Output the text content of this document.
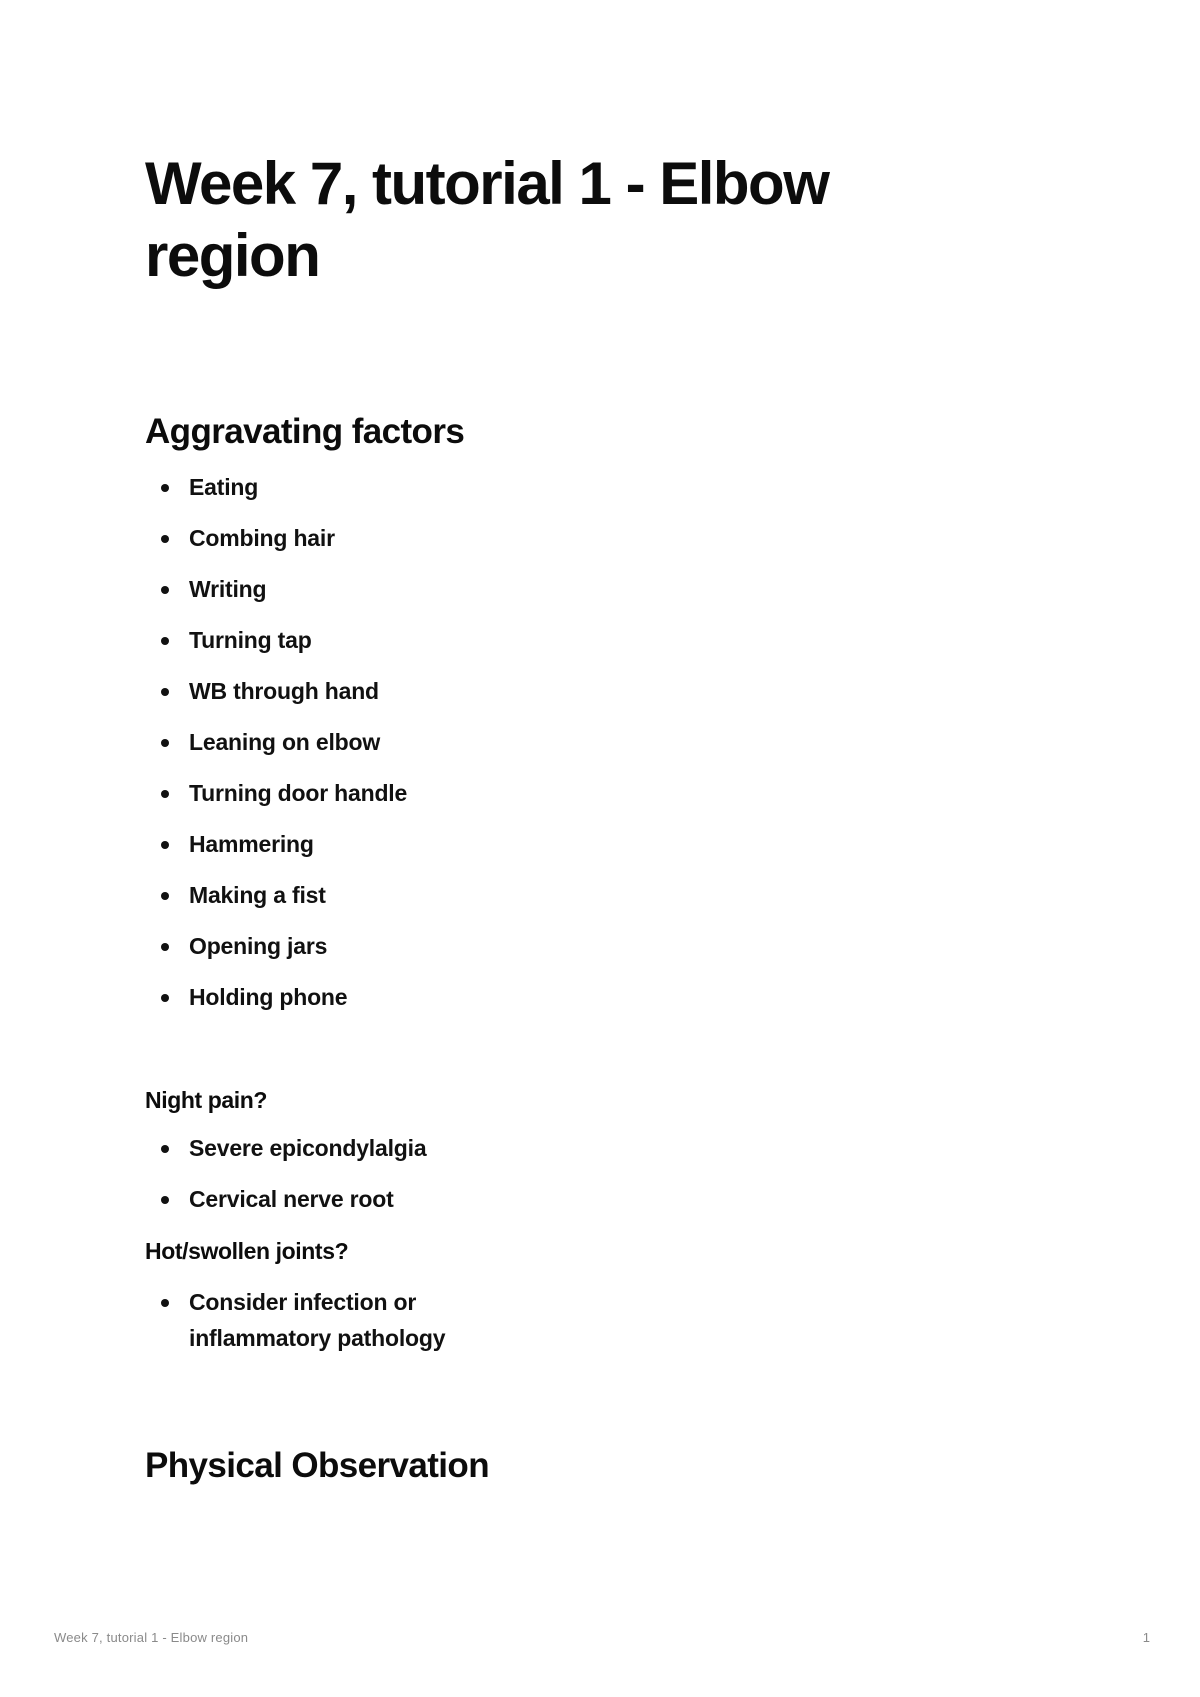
Week 7, tutorial 1 - Elbow region
Aggravating factors
Eating
Combing hair
Writing
Turning tap
WB through hand
Leaning on elbow
Turning door handle
Hammering
Making a fist
Opening jars
Holding phone

Night pain?

Severe epicondylalgia
Cervical nerve root

Hot/swollen joints?

Consider infection or inflammatory pathology
Physical Observation
Week 7, tutorial 1 - Elbow region	1
